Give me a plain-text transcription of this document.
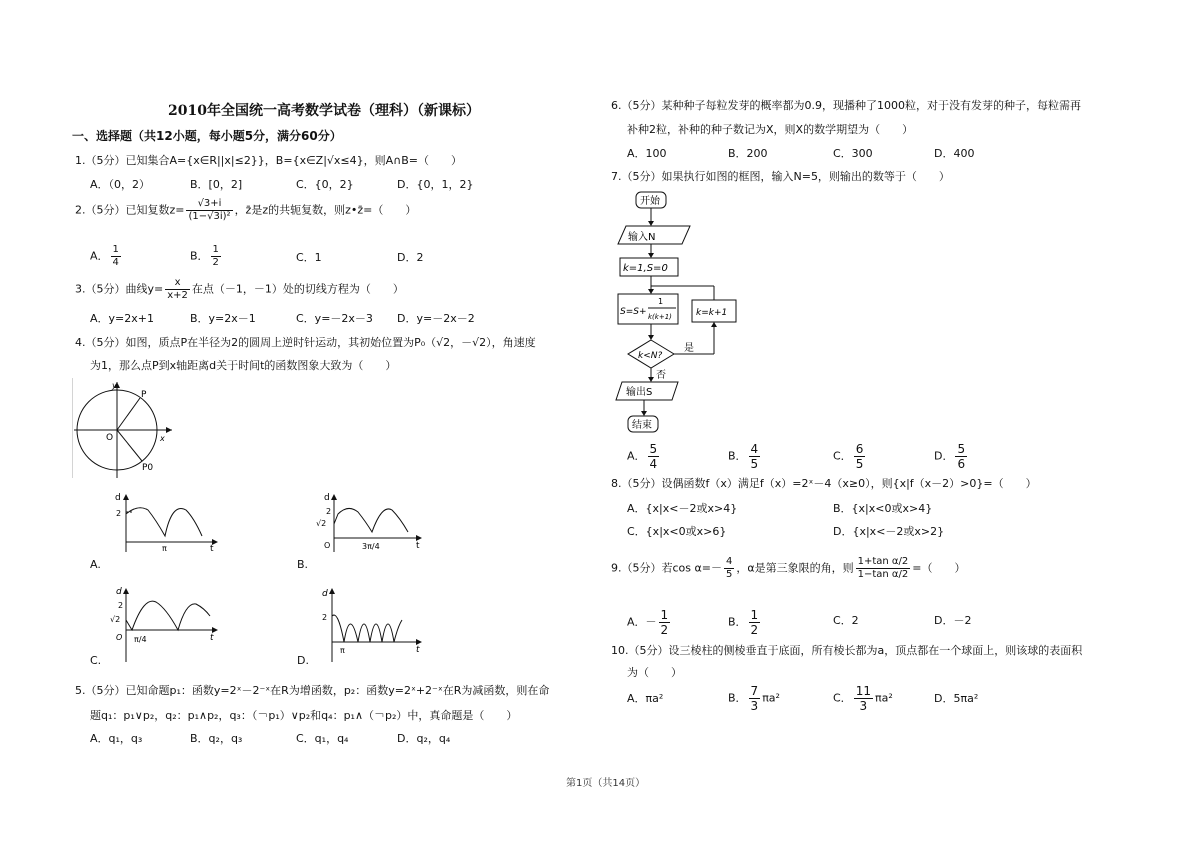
2010年全国统一高考数学试卷（理科）（新课标）
一、选择题（共12小题，每小题5分，满分60分）
1.（5分）已知集合A={x∈R||x|≤2}}，B={x∈Z|√x≤4}，则A∩B=（　　）
A．（0，2）	B．[0，2]	C．{0，2}	D．{0，1，2}
2.（5分）已知复数$z= \frac{√3+i}{\text{(1−√3i)²}}$ ，z̄是z的共轭复数，则z•z̄=（　　）
A． $\frac{1}{4}$	B． $\frac{1}{2}$	C．1	D．2
3.（5分）曲线$y= \frac{x}{x+2}$ 在点（－1，－1）处的切线方程为（　　）
A．y=2x+1	B．y=2x－1	C．y=－2x－3 D．y=－2x－2
4.（5分）如图，质点P在半径为2的圆周上逆时针运动，其初始位置为P₀（√2，－√2），角速度
为1，那么点P到x轴距离d关于时间t的函数图象大致为（　　）
y
x
O
P
P0
d
2
π	t
A.
d
2
√2
O	3π/4	t
B.
d
2
√2
O π/4	t
C.
d
2
π	t
D.
5.（5分）已知命题p₁：函数y=2ˣ－2⁻ˣ在R为增函数，p₂：函数y=2ˣ+2⁻ˣ在R为减函数，则在命
题q₁：p₁∨p₂，q₂：p₁∧p₂，q₃：（￢p₁）∨p₂和q₄：p₁∧（￢p₂）中，真命题是（　　）
A．q₁，q₃	B．q₂，q₃	C．q₁，q₄	D．q₂，q₄
6.（5分）某种种子每粒发芽的概率都为0.9，现播种了1000粒，对于没有发芽的种子，每粒需再
补种2粒，补种的种子数记为X，则X的数学期望为（　　）
A．100	B．200	C．300	D．400
7.（5分）如果执行如图的框图，输入N=5，则输出的数等于（　　）
开始
输入N
k=1,S=0
S=S+
1
k(k+1)	k=k+1
k<N?
是
否
输出S
结束
A． $\frac{5}{4}$	B． $\frac{4}{5}$	C． $\frac{6}{5}$	D． $\frac{5}{6}$
8.（5分）设偶函数f（x）满足f（x）=2ˣ－4（x≥0），则{x|f（x－2）>0}=（　　）
A．{x|x<－2或x>4}	B．{x|x<0或x>4}
C．{x|x<0或x>6}	D．{x|x<－2或x>2}
9.（5分）若$\cos \alpha=- \frac{4}{5}$ ，α是第三象限的角，则 $\frac{\text{1+tan α/2}}{\text{1−tan α/2}}$ =（　　）
A．－ $\frac{1}{2}$	B． $\frac{1}{2}$	C．2	D．－2
10.（5分）设三棱柱的侧棱垂直于底面，所有棱长都为a，顶点都在一个球面上，则该球的表面积
为（　　）
A．πa²	B． $\frac{7}{3} \pi a^2$	C． $\frac{11}{3} \pi a^2$	D．5πa²
第1页（共14页）
